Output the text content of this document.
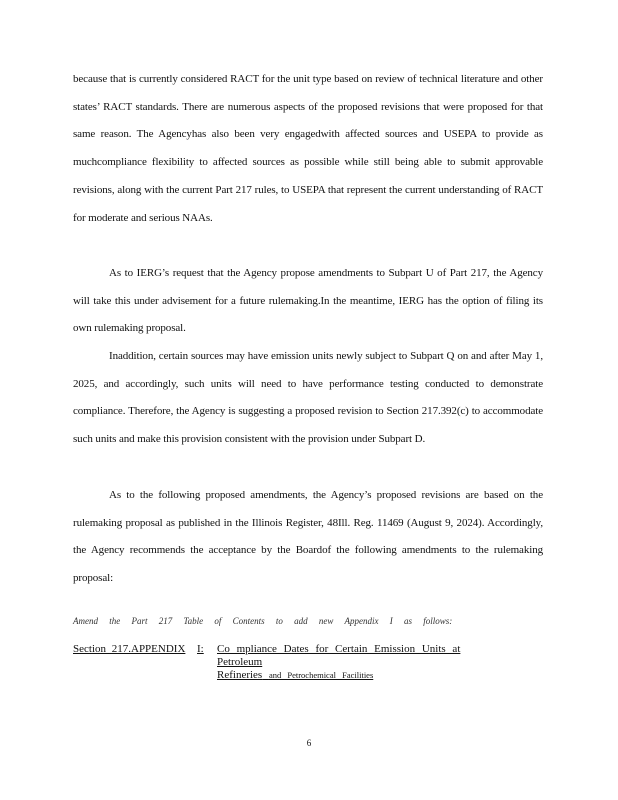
because that is currently considered RACT for the unit type based on review of technical literature and other states’ RACT standards. There are numerous aspects of the proposed revisions that were proposed for that same reason. The Agencyhas also been very engagedwith affected sources and USEPA to provide as muchcompliance flexibility to affected sources as possible while still being able to submit approvable revisions, along with the current Part 217 rules, to USEPA that represent the current understanding of RACT for moderate and serious NAAs.

As to IERG’s request that the Agency propose amendments to Subpart U of Part 217, the Agency will take this under advisement for a future rulemaking.In the meantime, IERG has the option of filing its own rulemaking proposal.

Inaddition, certain sources may have emission units newly subject to Subpart Q on and after May 1, 2025, and accordingly, such units will need to have performance testing conducted to demonstrate compliance. Therefore, the Agency is suggesting a proposed revision to Section 217.392(c) to accommodate such units and make this provision consistent with the provision under Subpart D.

As to the following proposed amendments, the Agency’s proposed revisions are based on the rulemaking proposal as published in the Illinois Register, 48Ill. Reg. 11469 (August 9, 2024). Accordingly, the Agency recommends the acceptance by the Boardof the following amendments to the rulemaking proposal:

Amend the Part 217 Table of Contents to add new Appendix I as follows:

Section 217.APPENDIX I: Co mpliance Dates for Certain Emission Units at Petroleum
Refineries and Petrochemical Facilities
6
